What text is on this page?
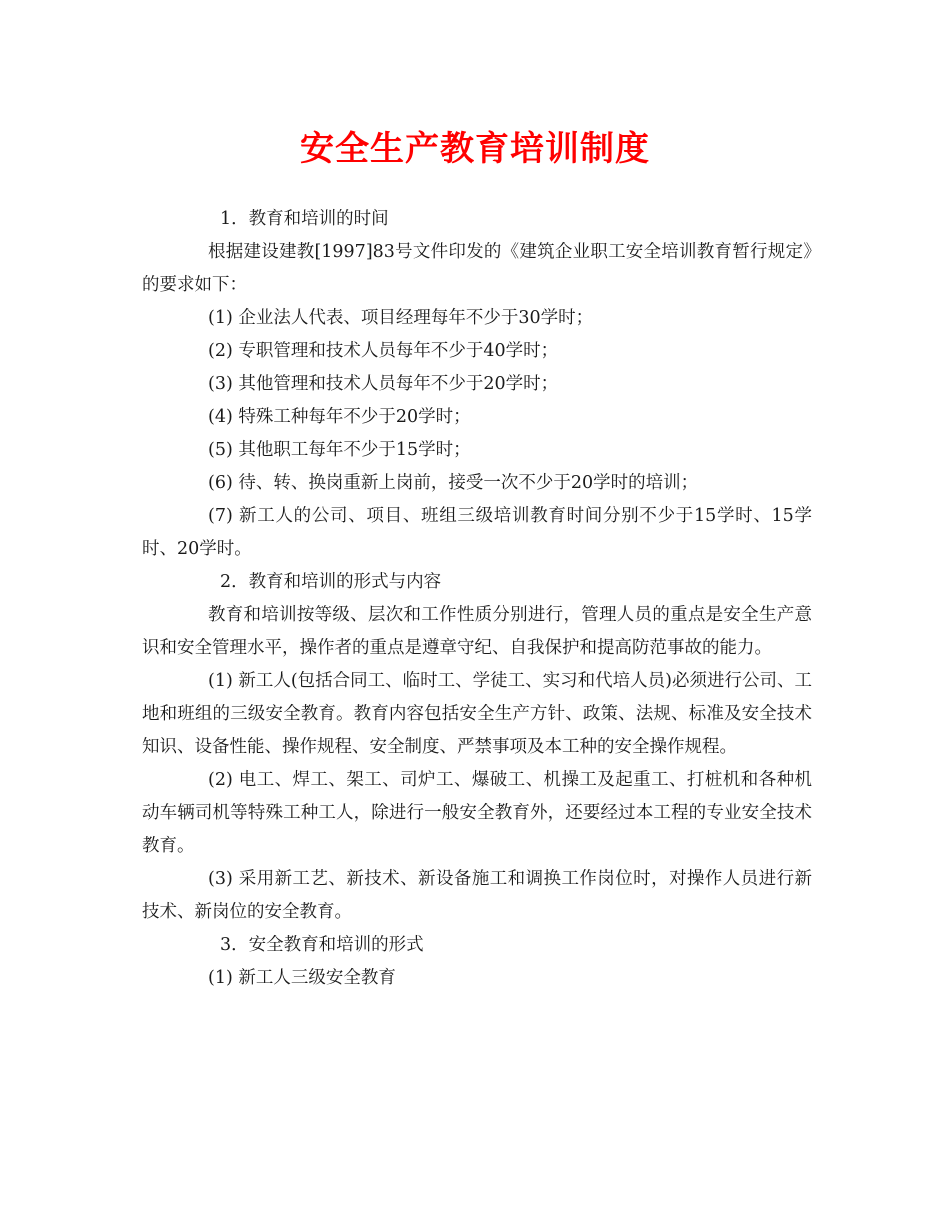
安全生产教育培训制度

1．教育和培训的时间

根据建设建教[1997]83号文件印发的《建筑企业职工安全培训教育暂行规定》的要求如下：

(1) 企业法人代表、项目经理每年不少于30学时；

(2) 专职管理和技术人员每年不少于40学时；

(3) 其他管理和技术人员每年不少于20学时；

(4) 特殊工种每年不少于20学时；

(5) 其他职工每年不少于15学时；

(6) 待、转、换岗重新上岗前，接受一次不少于20学时的培训；

(7) 新工人的公司、项目、班组三级培训教育时间分别不少于15学时、15学时、20学时。

2．教育和培训的形式与内容

教育和培训按等级、层次和工作性质分别进行，管理人员的重点是安全生产意识和安全管理水平，操作者的重点是遵章守纪、自我保护和提高防范事故的能力。

(1) 新工人(包括合同工、临时工、学徒工、实习和代培人员)必须进行公司、工地和班组的三级安全教育。教育内容包括安全生产方针、政策、法规、标准及安全技术知识、设备性能、操作规程、安全制度、严禁事项及本工种的安全操作规程。

(2) 电工、焊工、架工、司炉工、爆破工、机操工及起重工、打桩机和各种机动车辆司机等特殊工种工人，除进行一般安全教育外，还要经过本工程的专业安全技术教育。

(3) 采用新工艺、新技术、新设备施工和调换工作岗位时，对操作人员进行新技术、新岗位的安全教育。

3．安全教育和培训的形式

(1) 新工人三级安全教育
